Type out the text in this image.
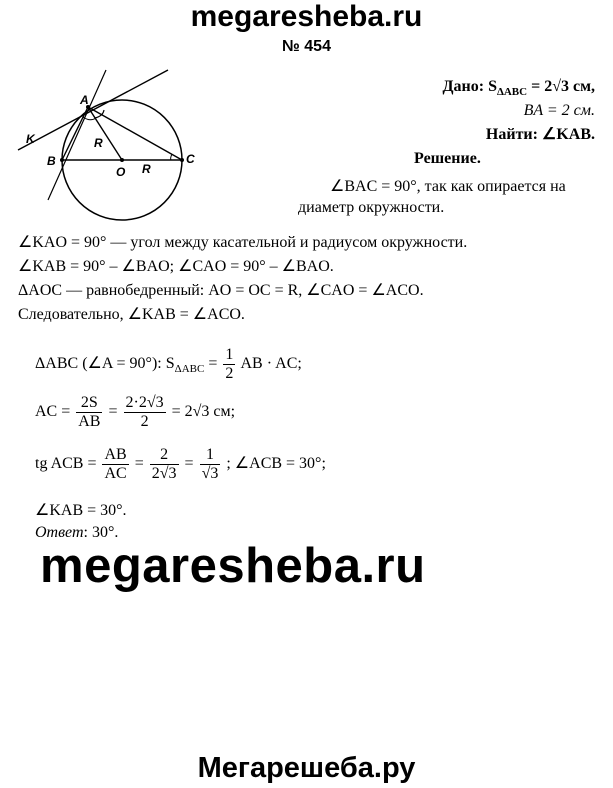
megaresheba.ru
№ 454
A
B
O
C
K	R
R
Дано: $S_{\Delta ABC} = 2√3$ см,
BA = 2 см.
Найти: ∠KAB.
Решение.
∠BAC = 90°, так как опирается на
диаметр окружности.
∠KAO = 90° — угол между касательной и радиусом окружности.
∠KAB = 90° – ∠BAO; ∠CAO = 90° – ∠BAO.
ΔAOC — равнобедренный: AO = OC = R, ∠CAO = ∠ACO.
Следовательно, ∠KAB = ∠ACO.
ΔABC (∠A = 90°): $S_{\Delta ABC} = \frac{1}{2}$ AB · AC;
AC = $\frac{2S}{AB} = \frac{2\cdot 2√3}{2} = 2√3$ см;
tg ACB = $\frac{AB}{AC} = \frac{2}{2√3} = \frac{1}{√3}$ ; ∠ACB = 30°;
∠KAB = 30°.
Ответ: 30°.
megaresheba.ru
Мегарешеба.ру
